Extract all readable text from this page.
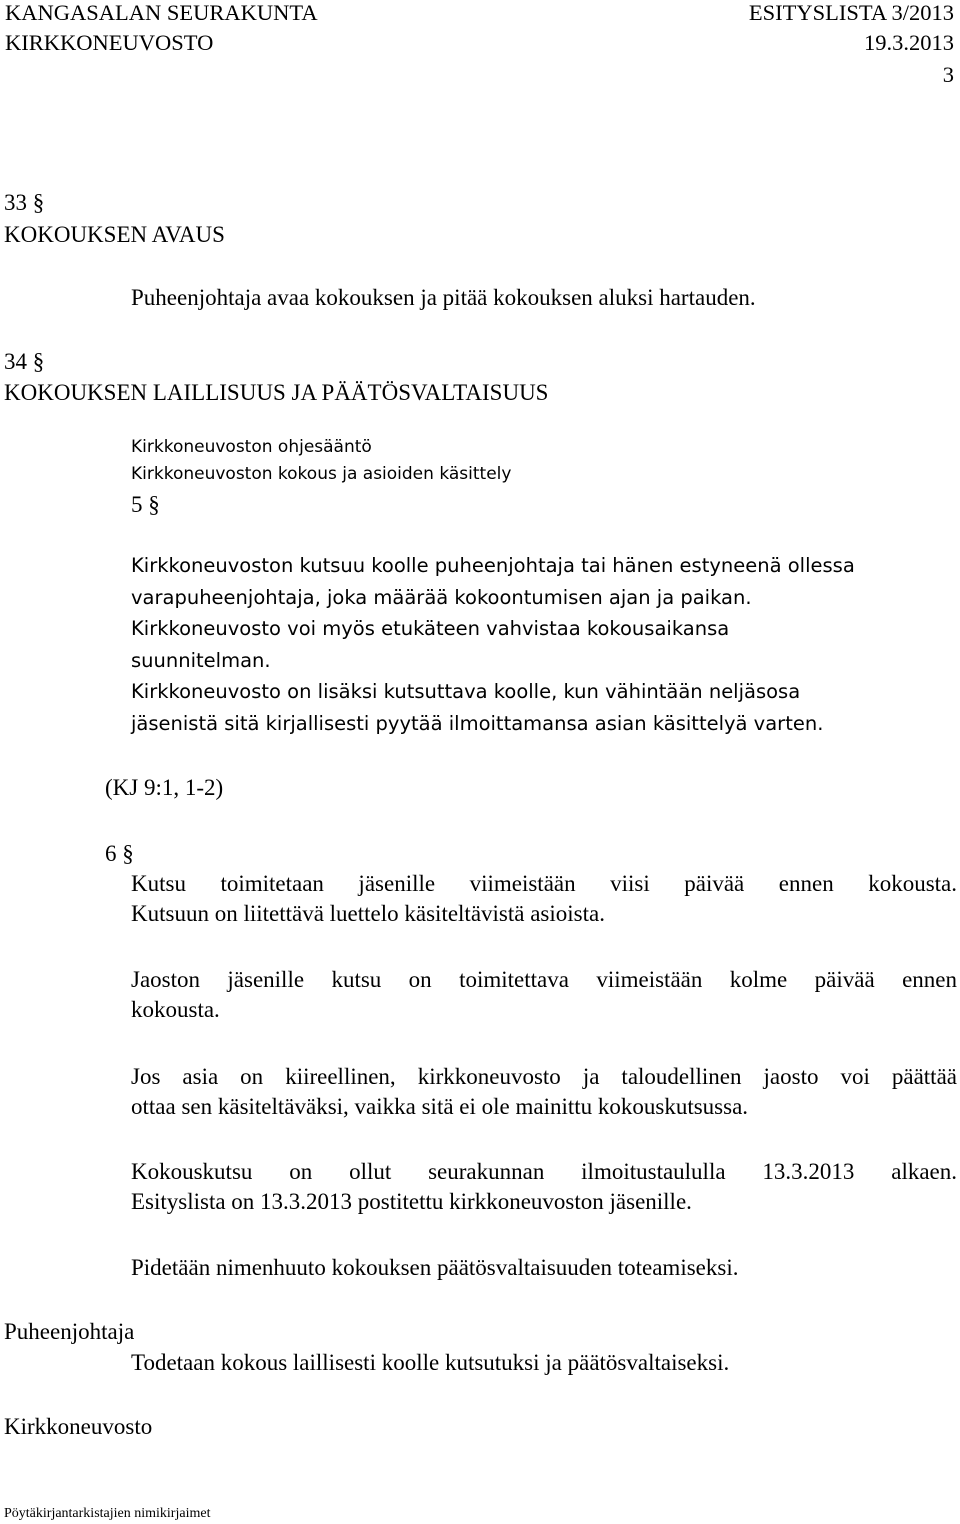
KANGASALAN SEURAKUNTA	ESITYSLISTA 3/2013
KIRKKONEUVOSTO	19.3.2013
3
33 §
KOKOUKSEN AVAUS
Puheenjohtaja avaa kokouksen ja pitää kokouksen aluksi hartauden.
34 §
KOKOUKSEN LAILLISUUS JA PÄÄTÖSVALTAISUUS
Kirkkoneuvoston ohjesääntö
Kirkkoneuvoston kokous ja asioiden käsittely
5 §
Kirkkoneuvoston kutsuu koolle puheenjohtaja tai hänen estyneenä ollessa
varapuheenjohtaja, joka määrää kokoontumisen ajan ja paikan.
Kirkkoneuvosto voi myös etukäteen vahvistaa kokousaikansa
suunnitelman.
Kirkkoneuvosto on lisäksi kutsuttava koolle, kun vähintään neljäsosa
jäsenistä sitä kirjallisesti pyytää ilmoittamansa asian käsittelyä varten.
(KJ 9:1, 1-2)
6 §

Kutsu toimitetaan jäsenille viimeistään viisi päivää ennen kokousta.

Kutsuun on liitettävä luettelo käsiteltävistä asioista.

Jaoston jäsenille kutsu on toimitettava viimeistään kolme päivää ennen

kokousta.

Jos asia on kiireellinen, kirkkoneuvosto ja taloudellinen jaosto voi päättää

ottaa sen käsiteltäväksi, vaikka sitä ei ole mainittu kokouskutsussa.

Kokouskutsu on ollut seurakunnan ilmoitustaululla 13.3.2013 alkaen.

Esityslista on 13.3.2013 postitettu kirkkoneuvoston jäsenille.

Pidetään nimenhuuto kokouksen päätösvaltaisuuden toteamiseksi.
Puheenjohtaja
Todetaan kokous laillisesti koolle kutsutuksi ja päätösvaltaiseksi.
Kirkkoneuvosto
Pöytäkirjantarkistajien nimikirjaimet
